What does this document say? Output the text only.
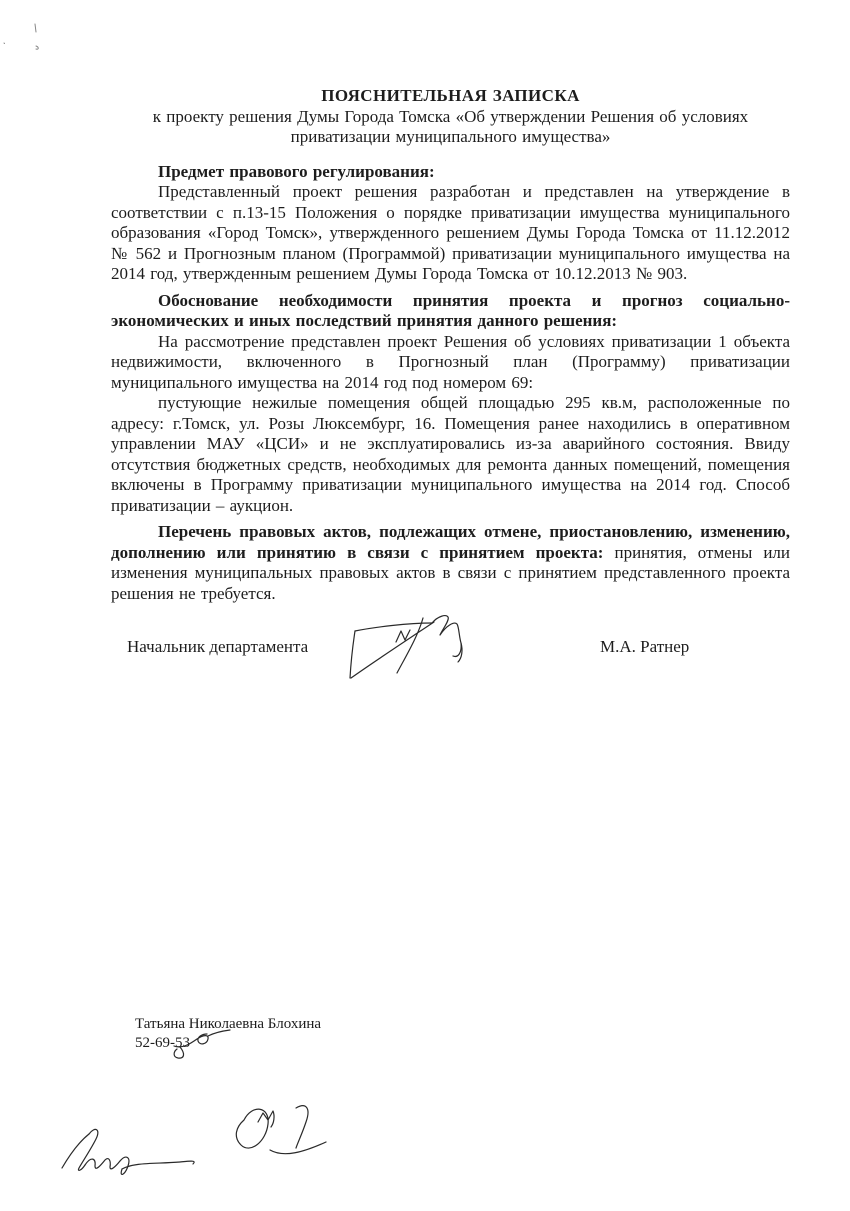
ПОЯСНИТЕЛЬНАЯ ЗАПИСКА

к проекту решения Думы Города Томска «Об утверждении Решения об условиях приватизации муниципального имущества»

Предмет правового регулирования:

Представленный проект решения разработан и представлен на утверждение в соответствии с п.13-15 Положения о порядке приватизации имущества муниципального образования «Город Томск», утвержденного решением Думы Города Томска от 11.12.2012 № 562 и Прогнозным планом (Программой) приватизации муниципального имущества на 2014 год, утвержденным решением Думы Города Томска от 10.12.2013 № 903.

Обоснование необходимости принятия проекта и прогноз социально-экономических и иных последствий принятия данного решения:

На рассмотрение представлен проект Решения об условиях приватизации 1 объекта недвижимости, включенного в Прогнозный план (Программу) приватизации муниципального имущества на 2014 год под номером 69:

пустующие нежилые помещения общей площадью 295 кв.м, расположенные по адресу: г.Томск, ул. Розы Люксембург, 16. Помещения ранее находились в оперативном управлении МАУ «ЦСИ» и не эксплуатировались из-за аварийного состояния. Ввиду отсутствия бюджетных средств, необходимых для ремонта данных помещений, помещения включены в Программу приватизации муниципального имущества на 2014 год. Способ приватизации – аукцион.

Перечень правовых актов, подлежащих отмене, приостановлению, изменению, дополнению или принятию в связи с принятием проекта: принятия, отмены или изменения муниципальных правовых актов в связи с принятием представленного проекта решения не требуется.

Начальник департамента	М.А. Ратнер
Татьяна Николаевна Блохина
52-69-53
